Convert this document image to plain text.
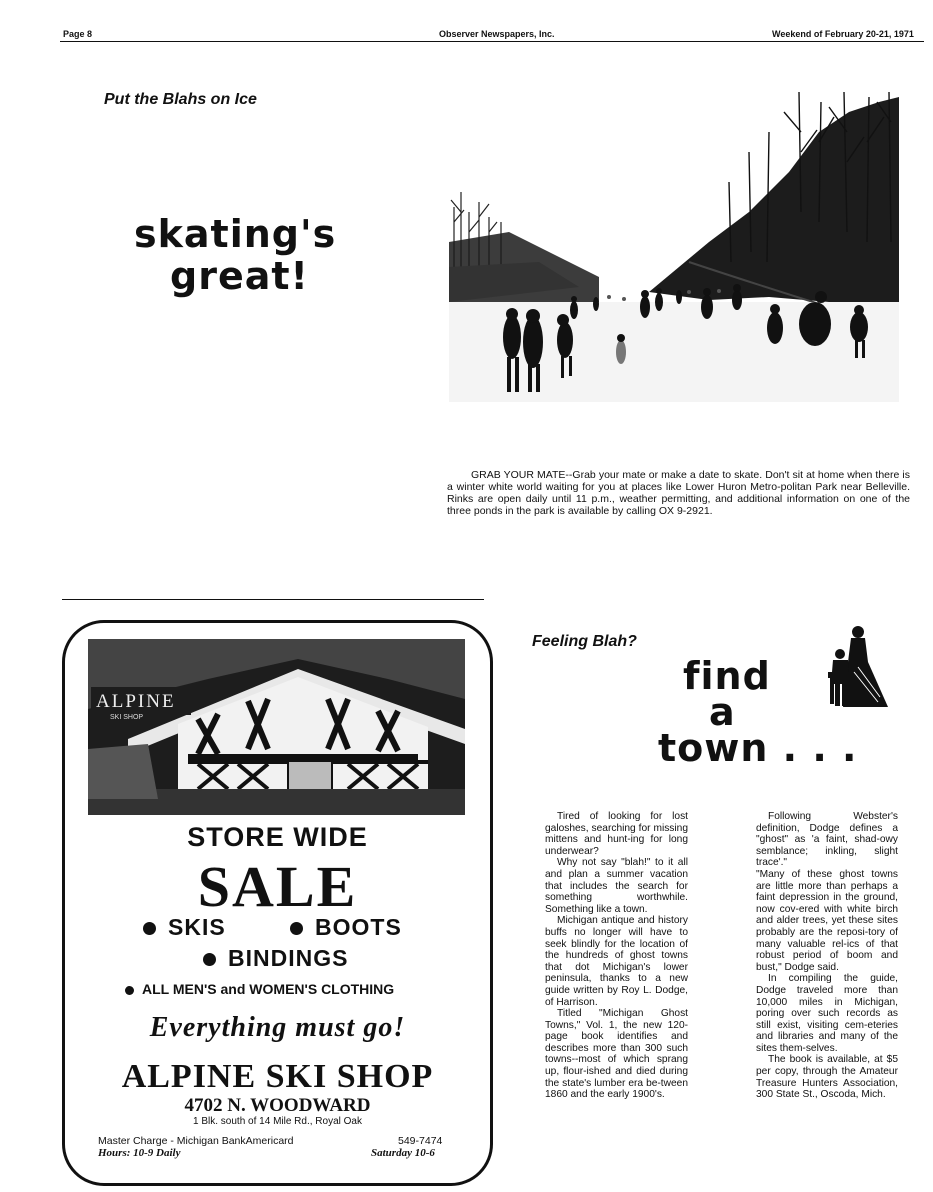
Page 8	Observer Newspapers, Inc.	Weekend of February 20-21, 1971
Put the Blahs on Ice
skating's
great!
GRAB YOUR MATE--Grab your mate or make a date to skate. Don't sit at home when there is a winter white world waiting for you at places like Lower Huron Metro-politan Park near Belleville. Rinks are open daily until 11 p.m., weather permitting, and additional information on one of the three ponds in the park is available by calling OX 9-2921.
ALPINE
SKI SHOP
STORE WIDE
SALE
SKIS	BOOTS
BINDINGS
ALL MEN'S and WOMEN'S CLOTHING
Everything must go!
ALPINE SKI SHOP
4702 N. WOODWARD
1 Blk. south of 14 Mile Rd., Royal Oak
Master Charge - Michigan BankAmericard	549-7474
Hours: 10-9 Daily	Saturday 10-6
Feeling Blah?
find
a
town . . .

Tired of looking for lost galoshes, searching for missing mittens and hunt-ing for long underwear?

Why not say "blah!" to it all and plan a summer vacation that includes the search for something worthwhile. Something like a town.

Michigan antique and history buffs no longer will have to seek blindly for the location of the hundreds of ghost towns that dot Michigan's lower peninsula, thanks to a new guide written by Roy L. Dodge, of Harrison.

Titled "Michigan Ghost Towns," Vol. 1, the new 120-page book identifies and describes more than 300 such towns--most of which sprang up, flour-ished and died during the state's lumber era be-tween 1860 and the early 1900's.

Following Webster's definition, Dodge defines a "ghost" as 'a faint, shad-owy semblance; inkling, slight trace'."

"Many of these ghost towns are little more than perhaps a faint depression in the ground, now cov-ered with white birch and alder trees, yet these sites probably are the reposi-tory of many valuable rel-ics of that robust period of boom and bust," Dodge said.

In compiling the guide, Dodge traveled more than 10,000 miles in Michigan, poring over such records as still exist, visiting cem-eteries and libraries and many of the sites them-selves.

The book is available, at $5 per copy, through the Amateur Treasure Hunters Association, 300 State St., Oscoda, Mich.
